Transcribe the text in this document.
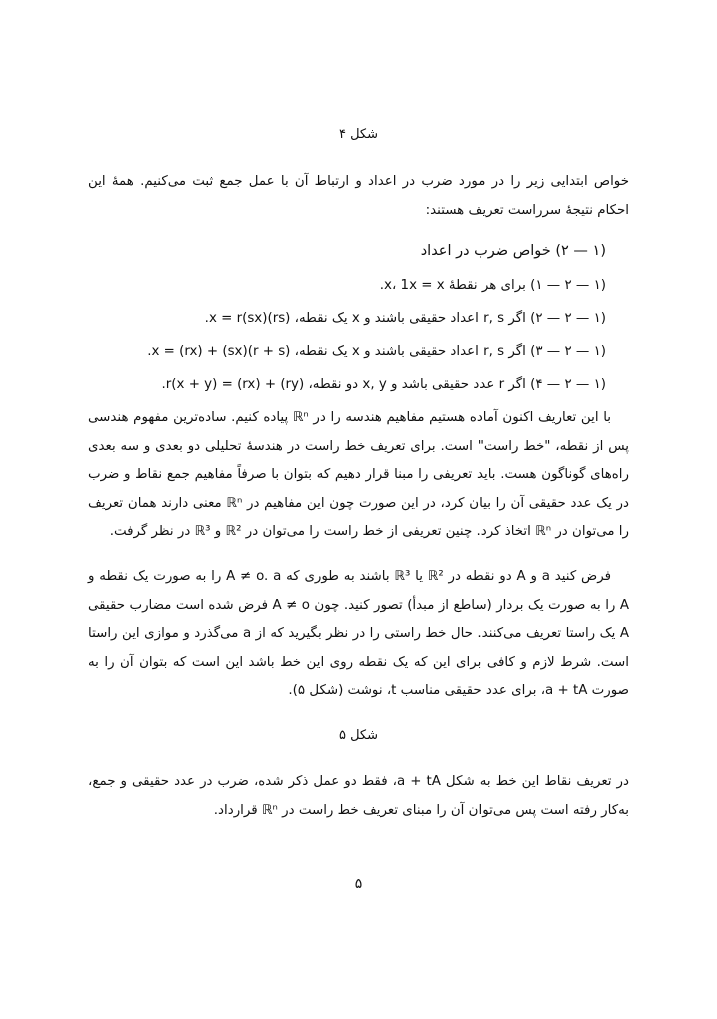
شکل ۴
خواص ابتدایی زیر را در مورد ضرب در اعداد و ارتباط آن با عمل جمع ثبت می‌کنیم. همهٔ این احکام نتیجهٔ سرراست تعریف هستند:
(۱ — ۲) خواص ضرب در اعداد
(۱ — ۲ — ۱) برای هر نقطهٔ x، 1x = x.
(۱ — ۲ — ۲) اگر r, s اعداد حقیقی باشند و x یک نقطه، (rs)x = r(sx).
(۱ — ۲ — ۳) اگر r, s اعداد حقیقی باشند و x یک نقطه، (r + s)x = (rx) + (sx).
(۱ — ۲ — ۴) اگر r عدد حقیقی باشد و x, y دو نقطه، r(x + y) = (rx) + (ry).
با این تعاریف اکنون آماده هستیم مفاهیم هندسه را در ℝⁿ پیاده کنیم. ساده‌ترین مفهوم هندسی پس از نقطه، "خط راست" است. برای تعریف خط راست در هندسهٔ تحلیلی دو بعدی و سه بعدی راه‌های گوناگون هست. باید تعریفی را مبنا قرار دهیم که بتوان با صرفاً مفاهیم جمع نقاط و ضرب در یک عدد حقیقی آن را بیان کرد، در این صورت چون این مفاهیم در ℝⁿ معنی دارند همان تعریف را می‌توان در ℝⁿ اتخاذ کرد. چنین تعریفی از خط راست را می‌توان در ℝ² و ℝ³ در نظر گرفت.
فرض کنید a و A دو نقطه در ℝ² یا ℝ³ باشند به طوری که A ≠ o. a را به صورت یک نقطه و A را به صورت یک بردار (ساطع از مبدأ) تصور کنید. چون A ≠ o فرض شده است مضارب حقیقی A یک راستا تعریف می‌کنند. حال خط راستی را در نظر بگیرید که از a می‌گذرد و موازی این راستا است. شرط لازم و کافی برای این که یک نقطه روی این خط باشد این است که بتوان آن را به صورت a + tA، برای عدد حقیقی مناسب t، نوشت (شکل ۵).
شکل ۵
در تعریف نقاط این خط به شکل a + tA، فقط دو عمل ذکر شده، ضرب در عدد حقیقی و جمع، به‌کار رفته است پس می‌توان آن را مبنای تعریف خط راست در ℝⁿ قرارداد.
۵
